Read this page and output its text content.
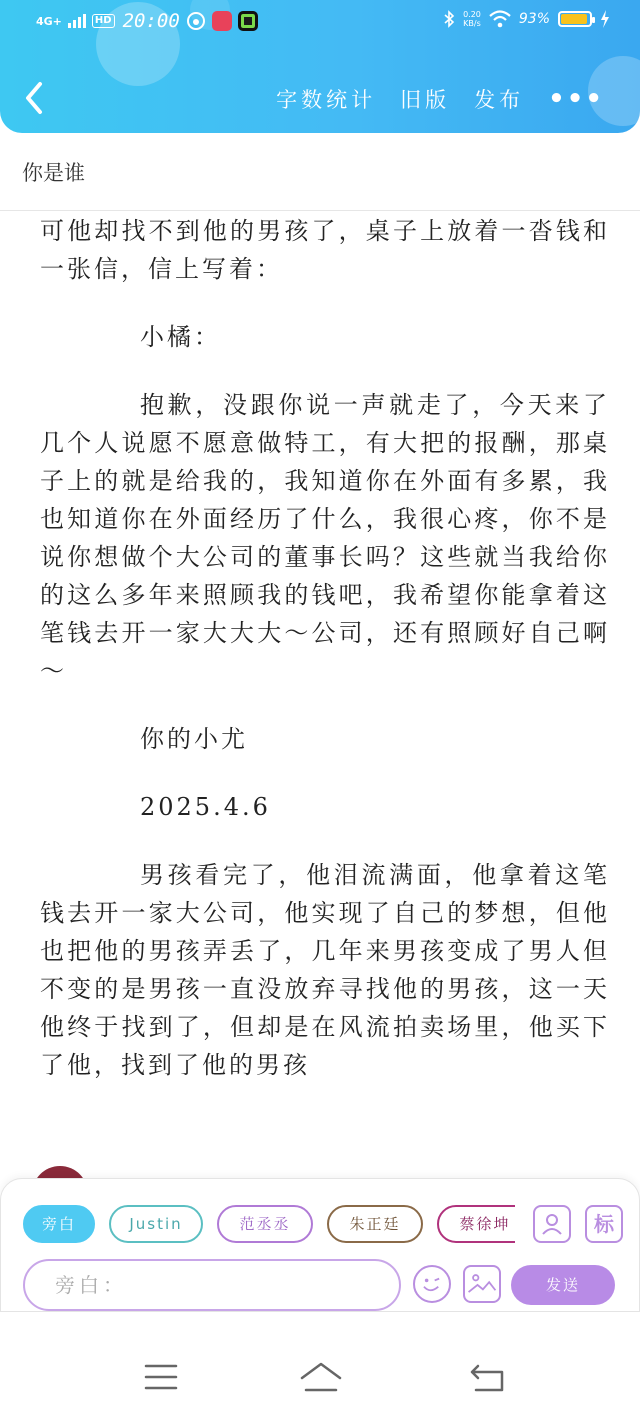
4G+	HD 20:00	0.20
KB/s	93%
字数统计 旧版 发布 •••
你是谁

可他却找不到他的男孩了，桌子上放着一沓钱和一张信，信上写着：

小橘：

抱歉，没跟你说一声就走了，今天来了几个人说愿不愿意做特工，有大把的报酬，那桌子上的就是给我的，我知道你在外面有多累，我也知道你在外面经历了什么，我很心疼，你不是说你想做个大公司的董事长吗？这些就当我给你的这么多年来照顾我的钱吧，我希望你能拿着这笔钱去开一家大大大～公司，还有照顾好自己啊～

你的小尤

2025.4.6

男孩看完了，他泪流满面，他拿着这笔钱去开一家大公司，他实现了自己的梦想，但他也把他的男孩弄丢了，几年来男孩变成了男人但不变的是男孩一直没放弃寻找他的男孩，这一天他终于找到了，但却是在风流拍卖场里，他买下了他，找到了他的男孩

旁白	Justin	范丞丞	朱正廷	蔡徐坤	标
旁白：	发送
